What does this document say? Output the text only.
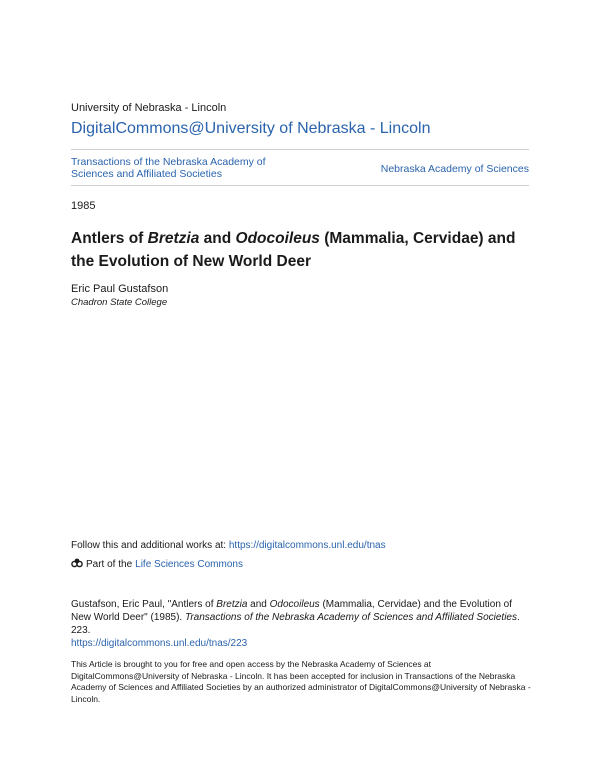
University of Nebraska - Lincoln
DigitalCommons@University of Nebraska - Lincoln
Transactions of the Nebraska Academy of Sciences and Affiliated Societies	Nebraska Academy of Sciences
1985
Antlers of Bretzia and Odocoileus (Mammalia, Cervidae) and the Evolution of New World Deer
Eric Paul Gustafson
Chadron State College
Follow this and additional works at: https://digitalcommons.unl.edu/tnas
Part of the Life Sciences Commons
Gustafson, Eric Paul, "Antlers of Bretzia and Odocoileus (Mammalia, Cervidae) and the Evolution of New World Deer" (1985). Transactions of the Nebraska Academy of Sciences and Affiliated Societies. 223.
https://digitalcommons.unl.edu/tnas/223
This Article is brought to you for free and open access by the Nebraska Academy of Sciences at DigitalCommons@University of Nebraska - Lincoln. It has been accepted for inclusion in Transactions of the Nebraska Academy of Sciences and Affiliated Societies by an authorized administrator of DigitalCommons@University of Nebraska - Lincoln.
